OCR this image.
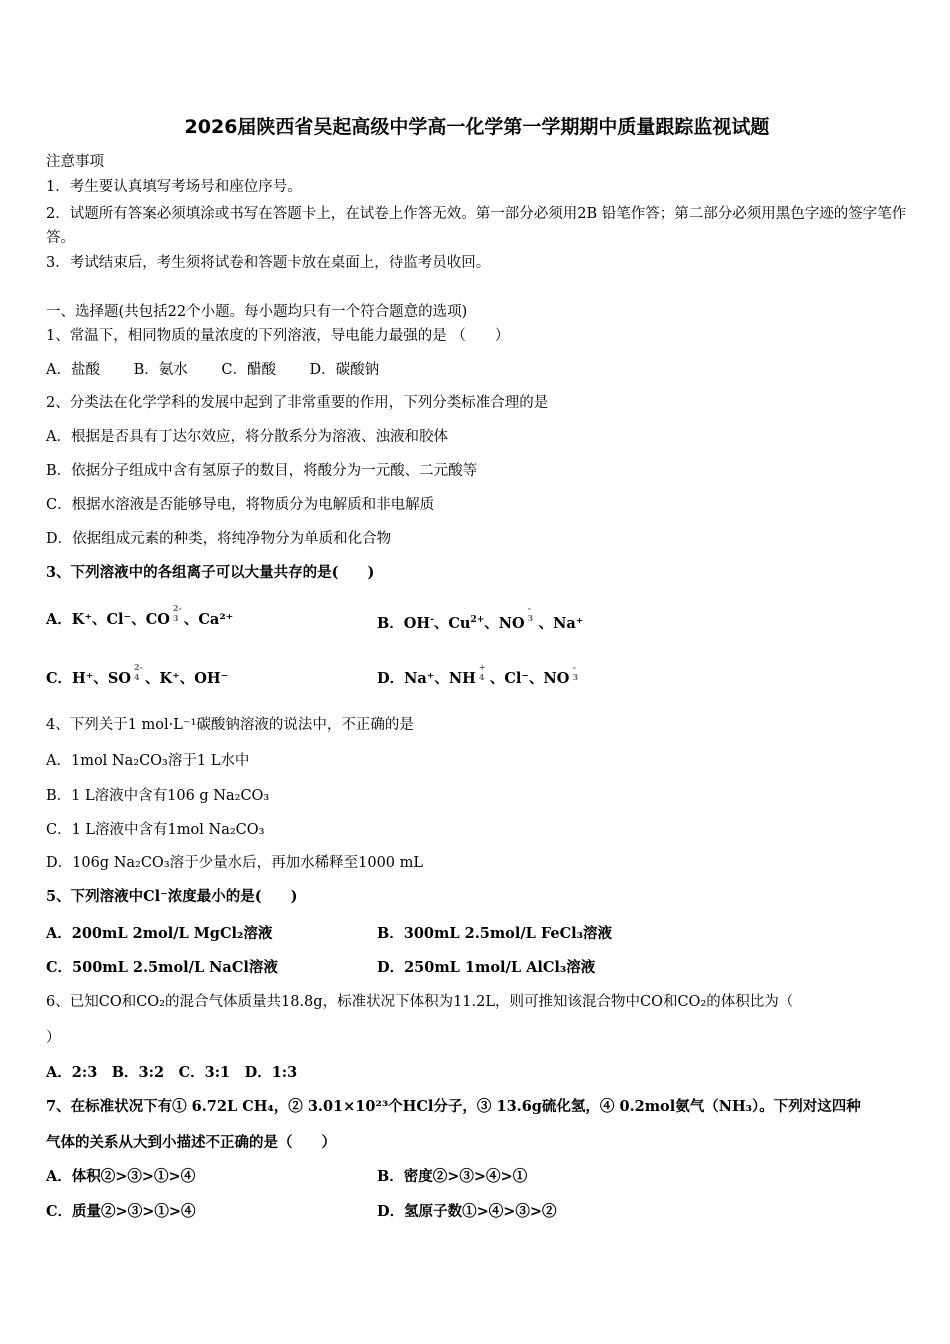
2026届陕西省吴起高级中学高一化学第一学期期中质量跟踪监视试题
注意事项
1．考生要认真填写考场号和座位序号。
2．试题所有答案必须填涂或书写在答题卡上，在试卷上作答无效。第一部分必须用2B 铅笔作答；第二部分必须用黑色字迹的签字笔作答。
3．考试结束后，考生须将试卷和答题卡放在桌面上，待监考员收回。
一、选择题(共包括22个小题。每小题均只有一个符合题意的选项)
1、常温下，相同物质的量浓度的下列溶液，导电能力最强的是 （　　）
A．盐酸　　 B．氨水　　 C．醋酸　　 D．碳酸钠
2、分类法在化学学科的发展中起到了非常重要的作用，下列分类标准合理的是
A．根据是否具有丁达尔效应，将分散系分为溶液、浊液和胶体
B．依据分子组成中含有氢原子的数目，将酸分为一元酸、二元酸等
C．根据水溶液是否能够导电，将物质分为电解质和非电解质
D．依据组成元素的种类，将纯净物分为单质和化合物
3、下列溶液中的各组离子可以大量共存的是(　　)
A．K⁺、Cl⁻、CO
2-
3 、Ca²⁺	B．OH-、$Cu^{2+}$、NO
-
3 、Na⁺
C．H⁺、SO
2-
4 、K⁺、OH⁻	D．Na⁺、NH
+
4 、Cl⁻、NO
-
3
4、下列关于1 mol·L⁻¹碳酸钠溶液的说法中，不正确的是
A．1mol Na₂CO₃溶于1 L水中
B．1 L溶液中含有106 g Na₂CO₃
C．1 L溶液中含有1mol Na₂CO₃
D．106g Na₂CO₃溶于少量水后，再加水稀释至1000 mL
5、下列溶液中Cl⁻浓度最小的是(　　)
A．200mL 2mol/L MgCl₂溶液	B．300mL 2.5mol/L FeCl₃溶液
C．500mL 2.5mol/L NaCl溶液	D．250mL 1mol/L AlCl₃溶液
6、已知CO和CO₂的混合气体质量共18.8g，标准状况下体积为11.2L，则可推知该混合物中CO和CO₂的体积比为（
）
A．2:3　B．3:2　C．3:1　D．1:3
7、在标准状况下有① 6.72L CH₄，② 3.01×10²³个HCl分子，③ 13.6g硫化氢，④ 0.2mol氨气（NH₃）。下列对这四种
气体的关系从大到小描述不正确的是（　　）
A．体积②>③>①>④	B．密度②>③>④>①
C．质量②>③>①>④	D．氢原子数①>④>③>②
